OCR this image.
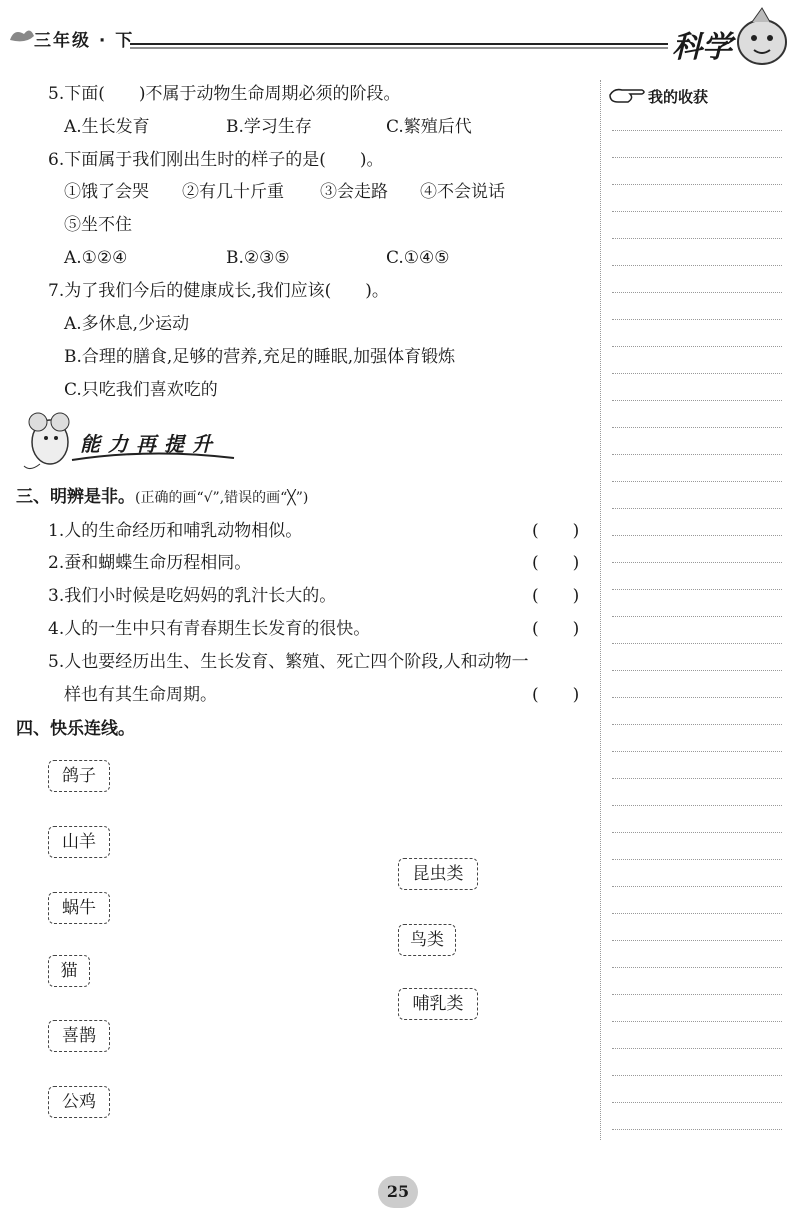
三年级 · 下	科学
我的收获
5.下面(　　)不属于动物生命周期必须的阶段。
A.生长发育	B.学习生存	C.繁殖后代
6.下面属于我们刚出生时的样子的是(　　)。
①饿了会哭 ②有几十斤重 ③会走路 ④不会说话
⑤坐不住
A.①②④	B.②③⑤	C.①④⑤
7.为了我们今后的健康成长,我们应该(　　)。
A.多休息,少运动
B.合理的膳食,足够的营养,充足的睡眠,加强体育锻炼
C.只吃我们喜欢吃的
能力再提升
三、明辨是非。(正确的画“√”,错误的画“╳”)
1.人的生命经历和哺乳动物相似。	(　　)
2.蚕和蝴蝶生命历程相同。	(　　)
3.我们小时候是吃妈妈的乳汁长大的。	(　　)
4.人的一生中只有青春期生长发育的很快。	(　　)
5.人也要经历出生、生长发育、繁殖、死亡四个阶段,人和动物一
样也有其生命周期。	(　　)
四、快乐连线。
鸽子
山羊
蜗牛
猫
喜鹊
公鸡
昆虫类
鸟类
哺乳类
25
